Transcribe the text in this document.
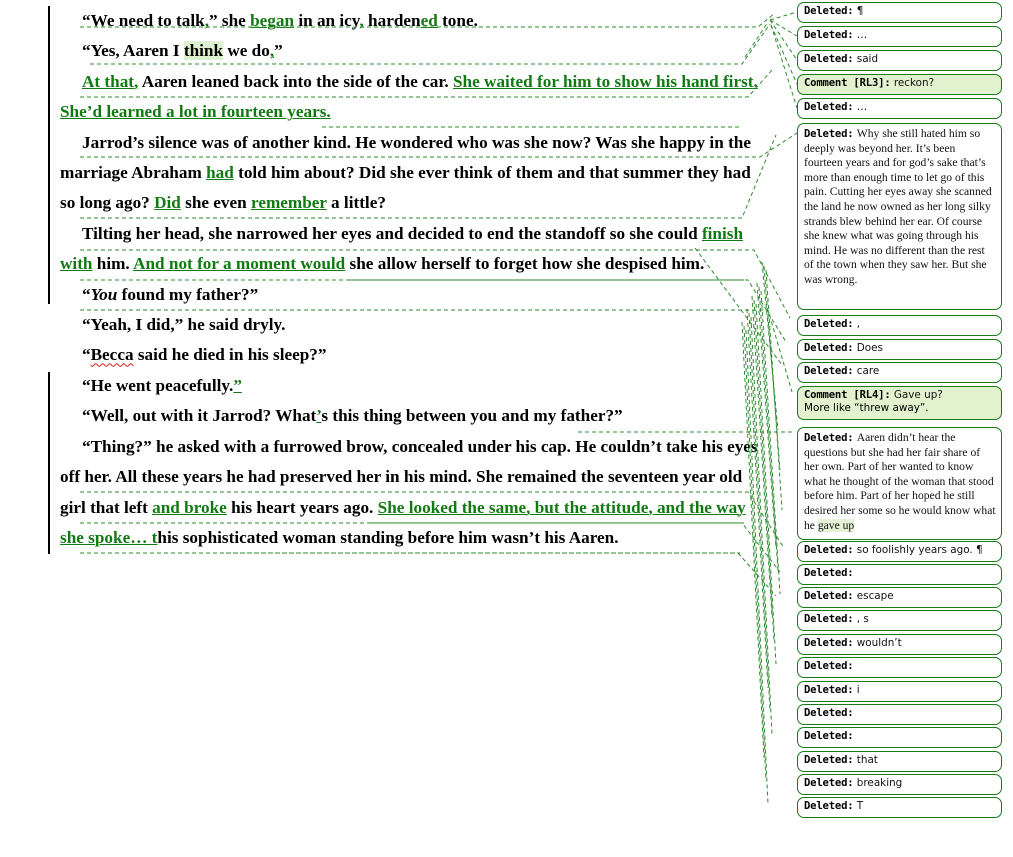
“We need to talk,” she began in an icy, hardened tone.

“Yes, Aaren I think we do,”

At that, Aaren leaned back into the side of the car. She waited for him to show his hand first. She’d learned a lot in fourteen years.

Jarrod’s silence was of another kind. He wondered who was she now? Was she happy in the marriage Abraham had told him about? Did she ever think of them and that summer they had so long ago? Did she even remember a little?

Tilting her head, she narrowed her eyes and decided to end the standoff so she could finish with him. And not for a moment would she allow herself to forget how she despised him.

“You found my father?”

“Yeah, I did,” he said dryly.

“Becca said he died in his sleep?”

“He went peacefully.”

“Well, out with it Jarrod? What’s this thing between you and my father?”

“Thing?” he asked with a furrowed brow, concealed under his cap. He couldn’t take his eyes off her. All these years he had preserved her in his mind. She remained the seventeen year old girl that left and broke his heart years ago. She looked the same, but the attitude, and the way she spoke… this sophisticated woman standing before him wasn’t his Aaren.

Deleted: ¶
Deleted: …
Deleted: said
Comment [RL3]: reckon?
Deleted: …
Deleted: Why she still hated him so deeply was beyond her. It’s been fourteen years and for god’s sake that’s more than enough time to let go of this pain. Cutting her eyes away she scanned the land he now owned as her long silky strands blew behind her ear. Of course she knew what was going through his mind. He was no different than the rest of the town when they saw her. But she was wrong.
Deleted: ,
Deleted: Does
Deleted: care
Comment [RL4]: Gave up?
More like “threw away”.
Deleted: Aaren didn’t hear the questions but she had her fair share of her own. Part of her wanted to know what he thought of the woman that stood before him. Part of her hoped he still desired her some so he would know what he gave up
Deleted: so foolishly years ago. ¶
Deleted:
Deleted: escape
Deleted: , s
Deleted: wouldn’t
Deleted:
Deleted: i
Deleted:
Deleted:
Deleted: that
Deleted: breaking
Deleted: T
